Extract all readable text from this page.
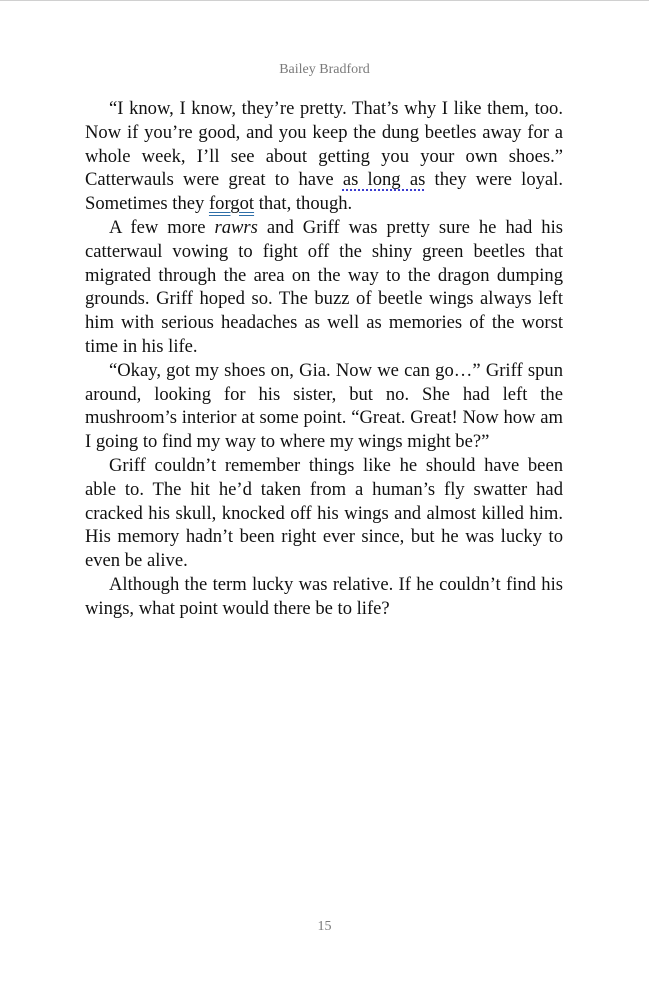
Bailey Bradford

“I know, I know, they’re pretty. That’s why I like them, too. Now if you’re good, and you keep the dung beetles away for a whole week, I’ll see about getting you your own shoes.” Catterwauls were great to have as long as they were loyal. Sometimes they forgot that, though.

A few more rawrs and Griff was pretty sure he had his catterwaul vowing to fight off the shiny green beetles that migrated through the area on the way to the dragon dumping grounds. Griff hoped so. The buzz of beetle wings always left him with serious headaches as well as memories of the worst time in his life.

“Okay, got my shoes on, Gia. Now we can go…” Griff spun around, looking for his sister, but no. She had left the mushroom’s interior at some point. “Great. Great! Now how am I going to find my way to where my wings might be?”

Griff couldn’t remember things like he should have been able to. The hit he’d taken from a human’s fly swatter had cracked his skull, knocked off his wings and almost killed him. His memory hadn’t been right ever since, but he was lucky to even be alive.

Although the term lucky was relative. If he couldn’t find his wings, what point would there be to life?

15
